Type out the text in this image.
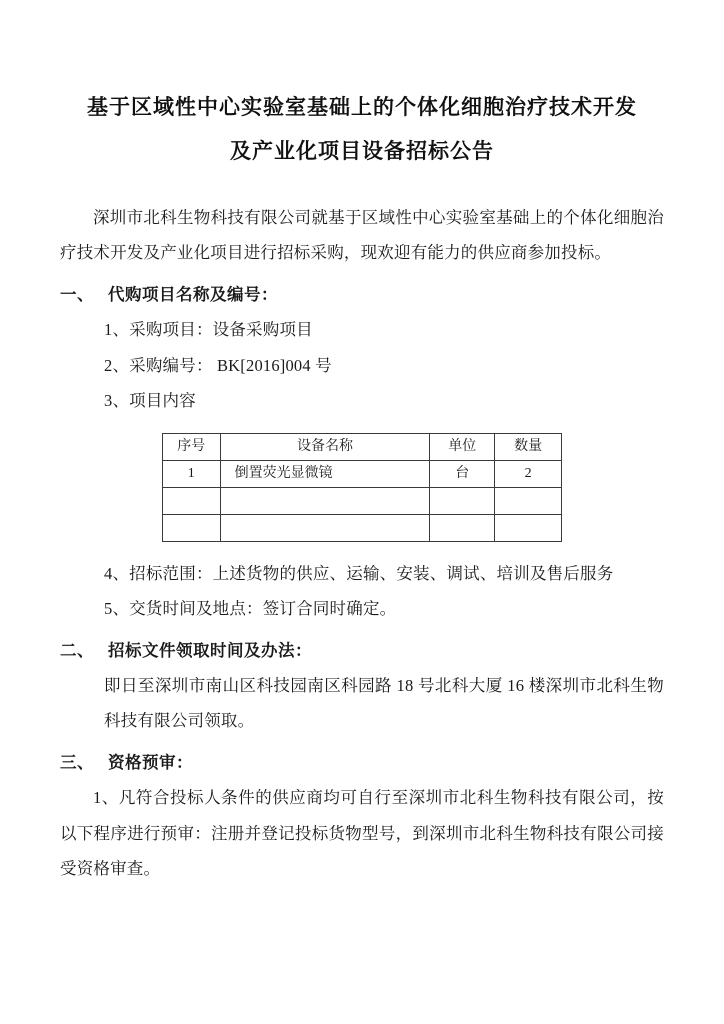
基于区域性中心实验室基础上的个体化细胞治疗技术开发
及产业化项目设备招标公告

深圳市北科生物科技有限公司就基于区域性中心实验室基础上的个体化细胞治疗技术开发及产业化项目进行招标采购，现欢迎有能力的供应商参加投标。

一、 代购项目名称及编号：

1、采购项目：设备采购项目

2、采购编号： BK[2016]004 号

3、项目内容

序号	设备名称	单位	数量
1	倒置荧光显微镜	台	2

4、招标范围：上述货物的供应、运输、安装、调试、培训及售后服务

5、交货时间及地点：签订合同时确定。

二、 招标文件领取时间及办法：

即日至深圳市南山区科技园南区科园路 18 号北科大厦 16 楼深圳市北科生物科技有限公司领取。

三、 资格预审：

1、凡符合投标人条件的供应商均可自行至深圳市北科生物科技有限公司，按以下程序进行预审：注册并登记投标货物型号，到深圳市北科生物科技有限公司接受资格审查。
